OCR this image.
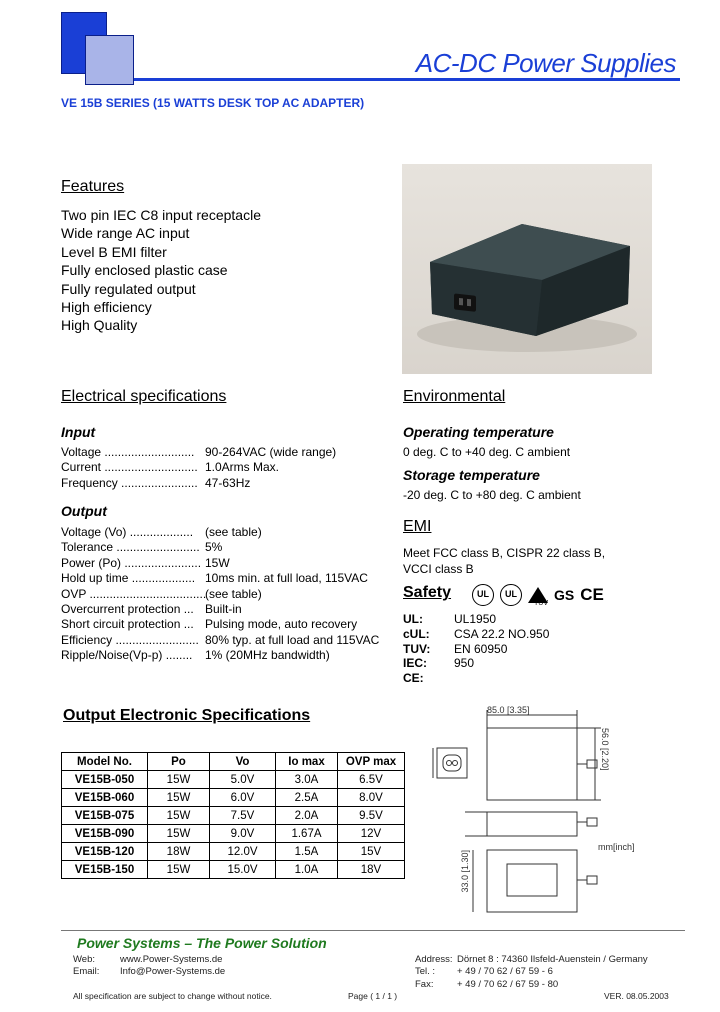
AC-DC Power Supplies
VE 15B SERIES (15 WATTS DESK TOP AC ADAPTER)
Features
Two pin IEC C8 input receptacle
Wide range AC input
Level B EMI filter
Fully enclosed plastic case
Fully regulated output
High efficiency
High Quality
Electrical specifications
Input
Voltage ........................... 90-264VAC (wide range)
Current ............................ 1.0Arms Max.
Frequency ....................... 47-63Hz
Output
Voltage (Vo) ................... (see table)
Tolerance ......................... 5%
Power (Po) ....................... 15W
Hold up time ................... 10ms min. at full load, 115VAC
OVP ...................................(see table)
Overcurrent protection ... Built-in
Short circuit protection ... Pulsing mode, auto recovery
Efficiency ......................... 80% typ. at full load and 115VAC
Ripple/Noise(Vp-p) ........ 1% (20MHz bandwidth)
Environmental
Operating temperature
0 deg. C to +40 deg. C ambient
Storage temperature
-20 deg. C to +80 deg. C ambient
EMI
Meet FCC class B, CISPR 22 class B,
VCCI class B
Safety	UL	UL
TÜV
GS CE
UL:	UL1950
cUL: CSA 22.2 NO.950
TUV: EN 60950
IEC: 950
CE:
Output Electronic Specifications
Model No.	Po	Vo	Io max	OVP max
VE15B-050	15W	5.0V	3.0A	6.5V
VE15B-060	15W	6.0V	2.5A	8.0V
VE15B-075	15W	7.5V	2.0A	9.5V
VE15B-090	15W	9.0V	1.67A	12V
VE15B-120	18W	12.0V	1.5A	15V
VE15B-150	15W	15.0V	1.0A	18V
85.0 [3.35]
56.0 [2.20]
33.0 [1.30]
mm[inch]
Power Systems – The Power Solution
Web:	www.Power-Systems.de
Email: Info@Power-Systems.de
Address: Dörnet 8 : 74360 Ilsfeld-Auenstein / Germany
Tel. : + 49 / 70 62 / 67 59 - 6
Fax: + 49 / 70 62 / 67 59 - 80
All specification are subject to change without notice.	Page ( 1 / 1 )	VER. 08.05.2003
